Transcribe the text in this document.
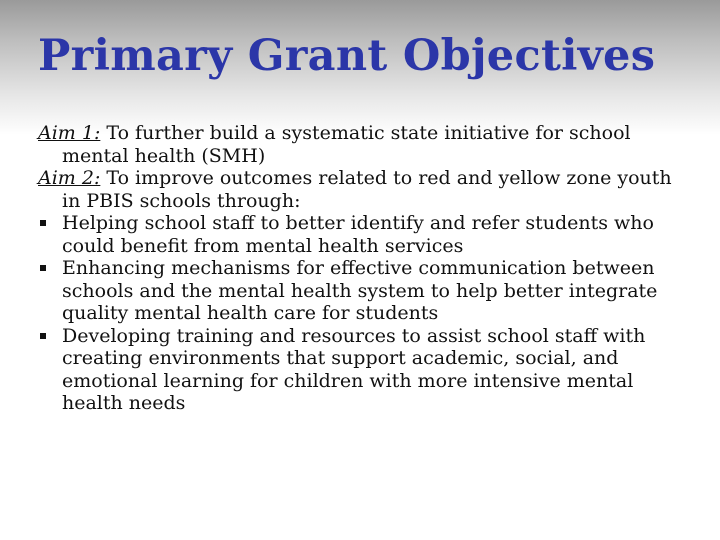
Primary Grant Objectives

Aim 1: To further build a systematic state initiative for school mental health (SMH)

Aim 2: To improve outcomes related to red and yellow zone youth in PBIS schools through:

Helping school staff to better identify and refer students who could benefit from mental health services
Enhancing mechanisms for effective communication between schools and the mental health system to help better integrate quality mental health care for students
Developing training and resources to assist school staff with creating environments that support academic, social, and emotional learning for children with more intensive mental health needs
